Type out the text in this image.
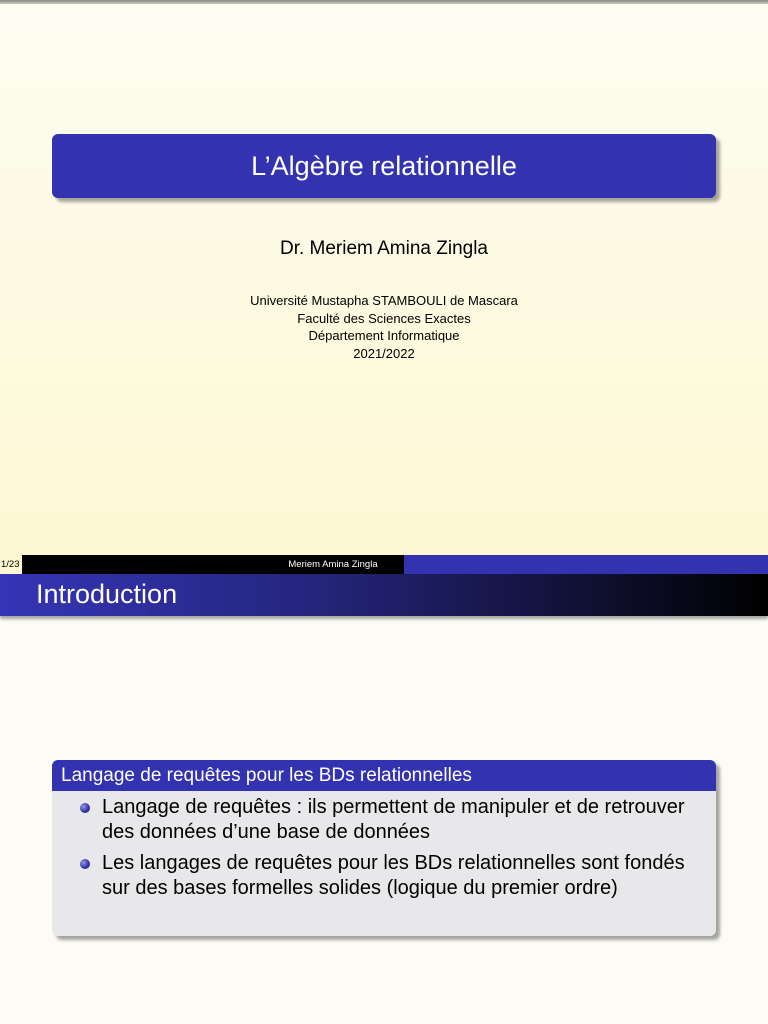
L’Algèbre relationnelle
Dr. Meriem Amina Zingla
Université Mustapha STAMBOULI de Mascara
Faculté des Sciences Exactes
Département Informatique
2021/2022
1/23	Meriem Amina Zingla
Introduction
Langage de requêtes pour les BDs relationnelles
Langage de requêtes : ils permettent de manipuler et de retrouver des données d’une base de données
Les langages de requêtes pour les BDs relationnelles sont fondés sur des bases formelles solides (logique du premier ordre)
